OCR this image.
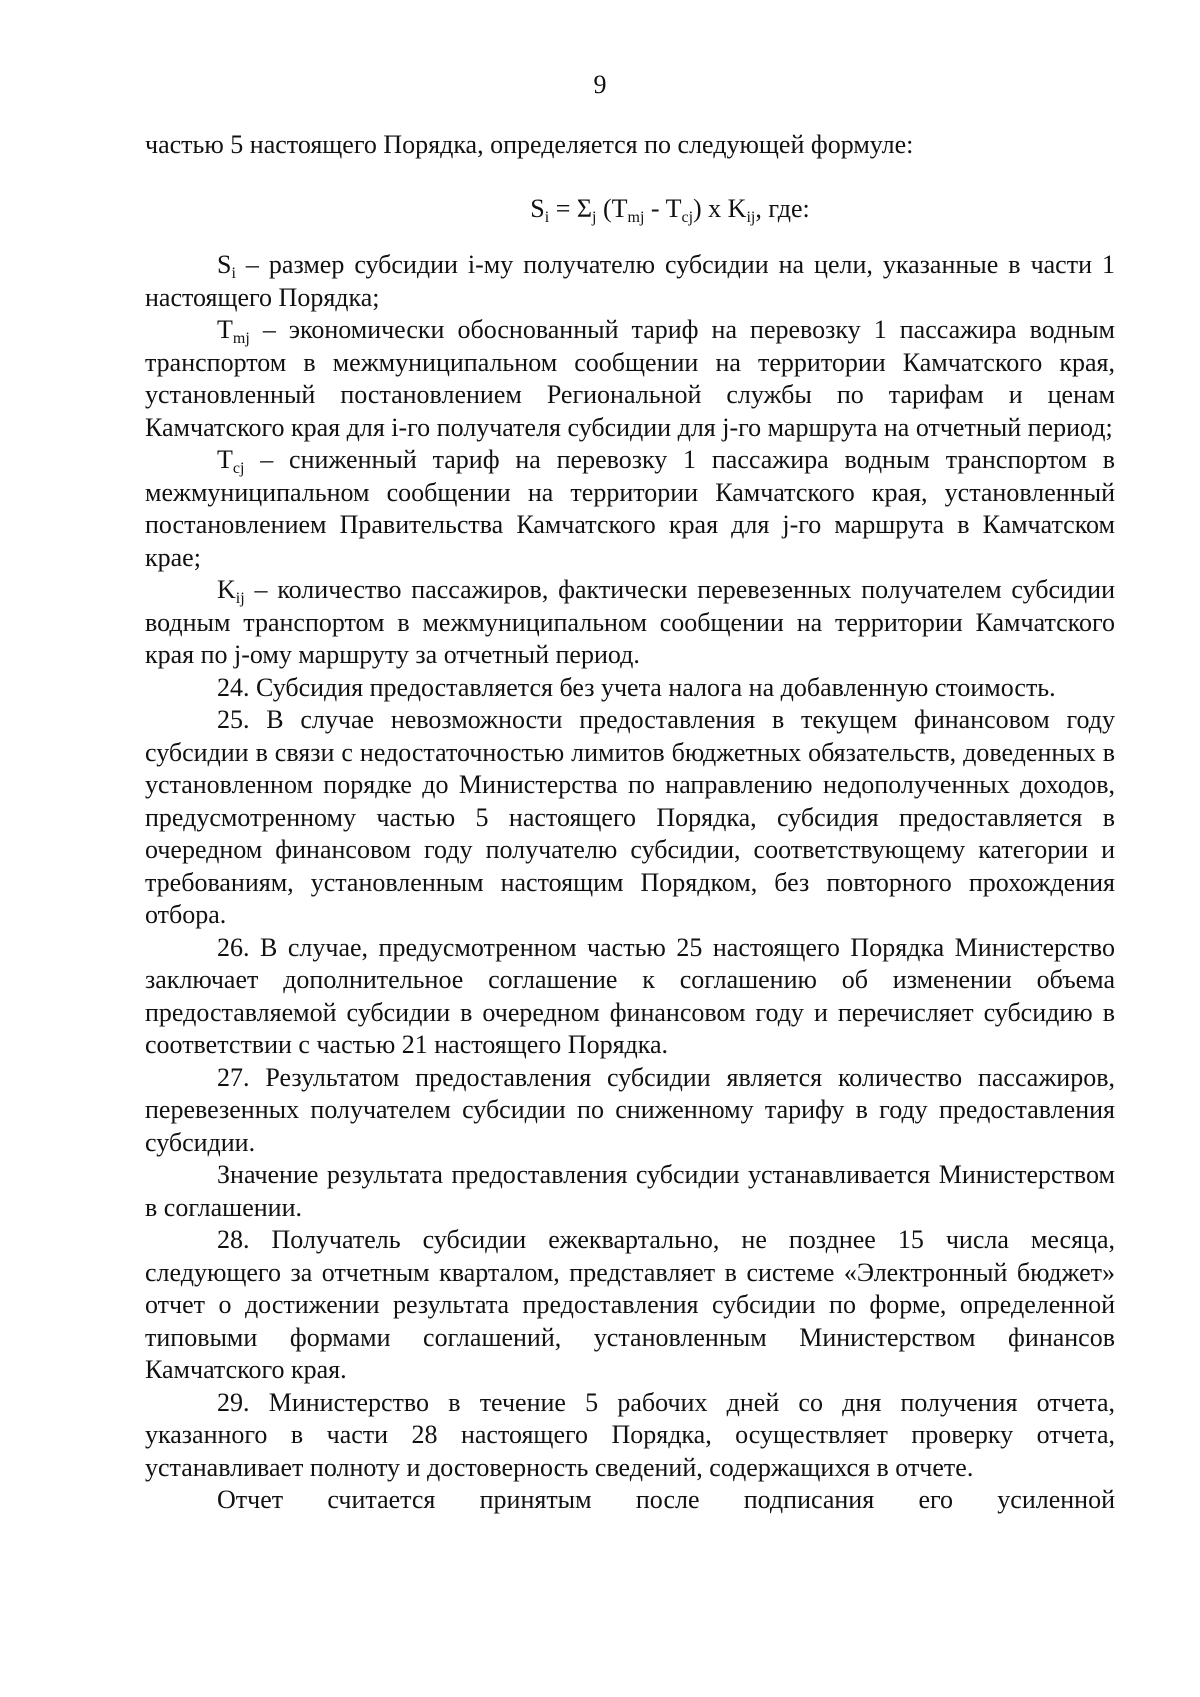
9

частью 5 настоящего Порядка, определяется по следующей формуле:

$S_i = \Sigma_j$ $(T_{mj} - T_{cj})$ х $K_{ij}$, где:

$S_i$ – размер субсидии i-му получателю субсидии на цели, указанные в части 1 настоящего Порядка;

$T_{mj}$ – экономически обоснованный тариф на перевозку 1 пассажира водным транспортом в межмуниципальном сообщении на территории Камчатского края, установленный постановлением Региональной службы по тарифам и ценам Камчатского края для i-го получателя субсидии для j-го маршрута на отчетный период;

$T_{cj}$ – сниженный тариф на перевозку 1 пассажира водным транспортом в межмуниципальном сообщении на территории Камчатского края, установленный постановлением Правительства Камчатского края для j-го маршрута в Камчатском крае;

$K_{ij}$ – количество пассажиров, фактически перевезенных получателем субсидии водным транспортом в межмуниципальном сообщении на территории Камчатского края по j-ому маршруту за отчетный период.

24. Субсидия предоставляется без учета налога на добавленную стоимость.

25. В случае невозможности предоставления в текущем финансовом году субсидии в связи с недостаточностью лимитов бюджетных обязательств, доведенных в установленном порядке до Министерства по направлению недополученных доходов, предусмотренному частью 5 настоящего Порядка, субсидия предоставляется в очередном финансовом году получателю субсидии, соответствующему категории и требованиям, установленным настоящим Порядком, без повторного прохождения отбора.

26. В случае, предусмотренном частью 25 настоящего Порядка Министерство заключает дополнительное соглашение к соглашению об изменении объема предоставляемой субсидии в очередном финансовом году и перечисляет субсидию в соответствии с частью 21 настоящего Порядка.

27. Результатом предоставления субсидии является количество пассажиров, перевезенных получателем субсидии по сниженному тарифу в году предоставления субсидии.

Значение результата предоставления субсидии устанавливается Министерством в соглашении.

28. Получатель субсидии ежеквартально, не позднее 15 числа месяца, следующего за отчетным кварталом, представляет в системе «Электронный бюджет» отчет о достижении результата предоставления субсидии по форме, определенной типовыми формами соглашений, установленным Министерством финансов Камчатского края.

29. Министерство в течение 5 рабочих дней со дня получения отчета, указанного в части 28 настоящего Порядка, осуществляет проверку отчета, устанавливает полноту и достоверность сведений, содержащихся в отчете.

Отчет считается принятым после подписания его усиленной
